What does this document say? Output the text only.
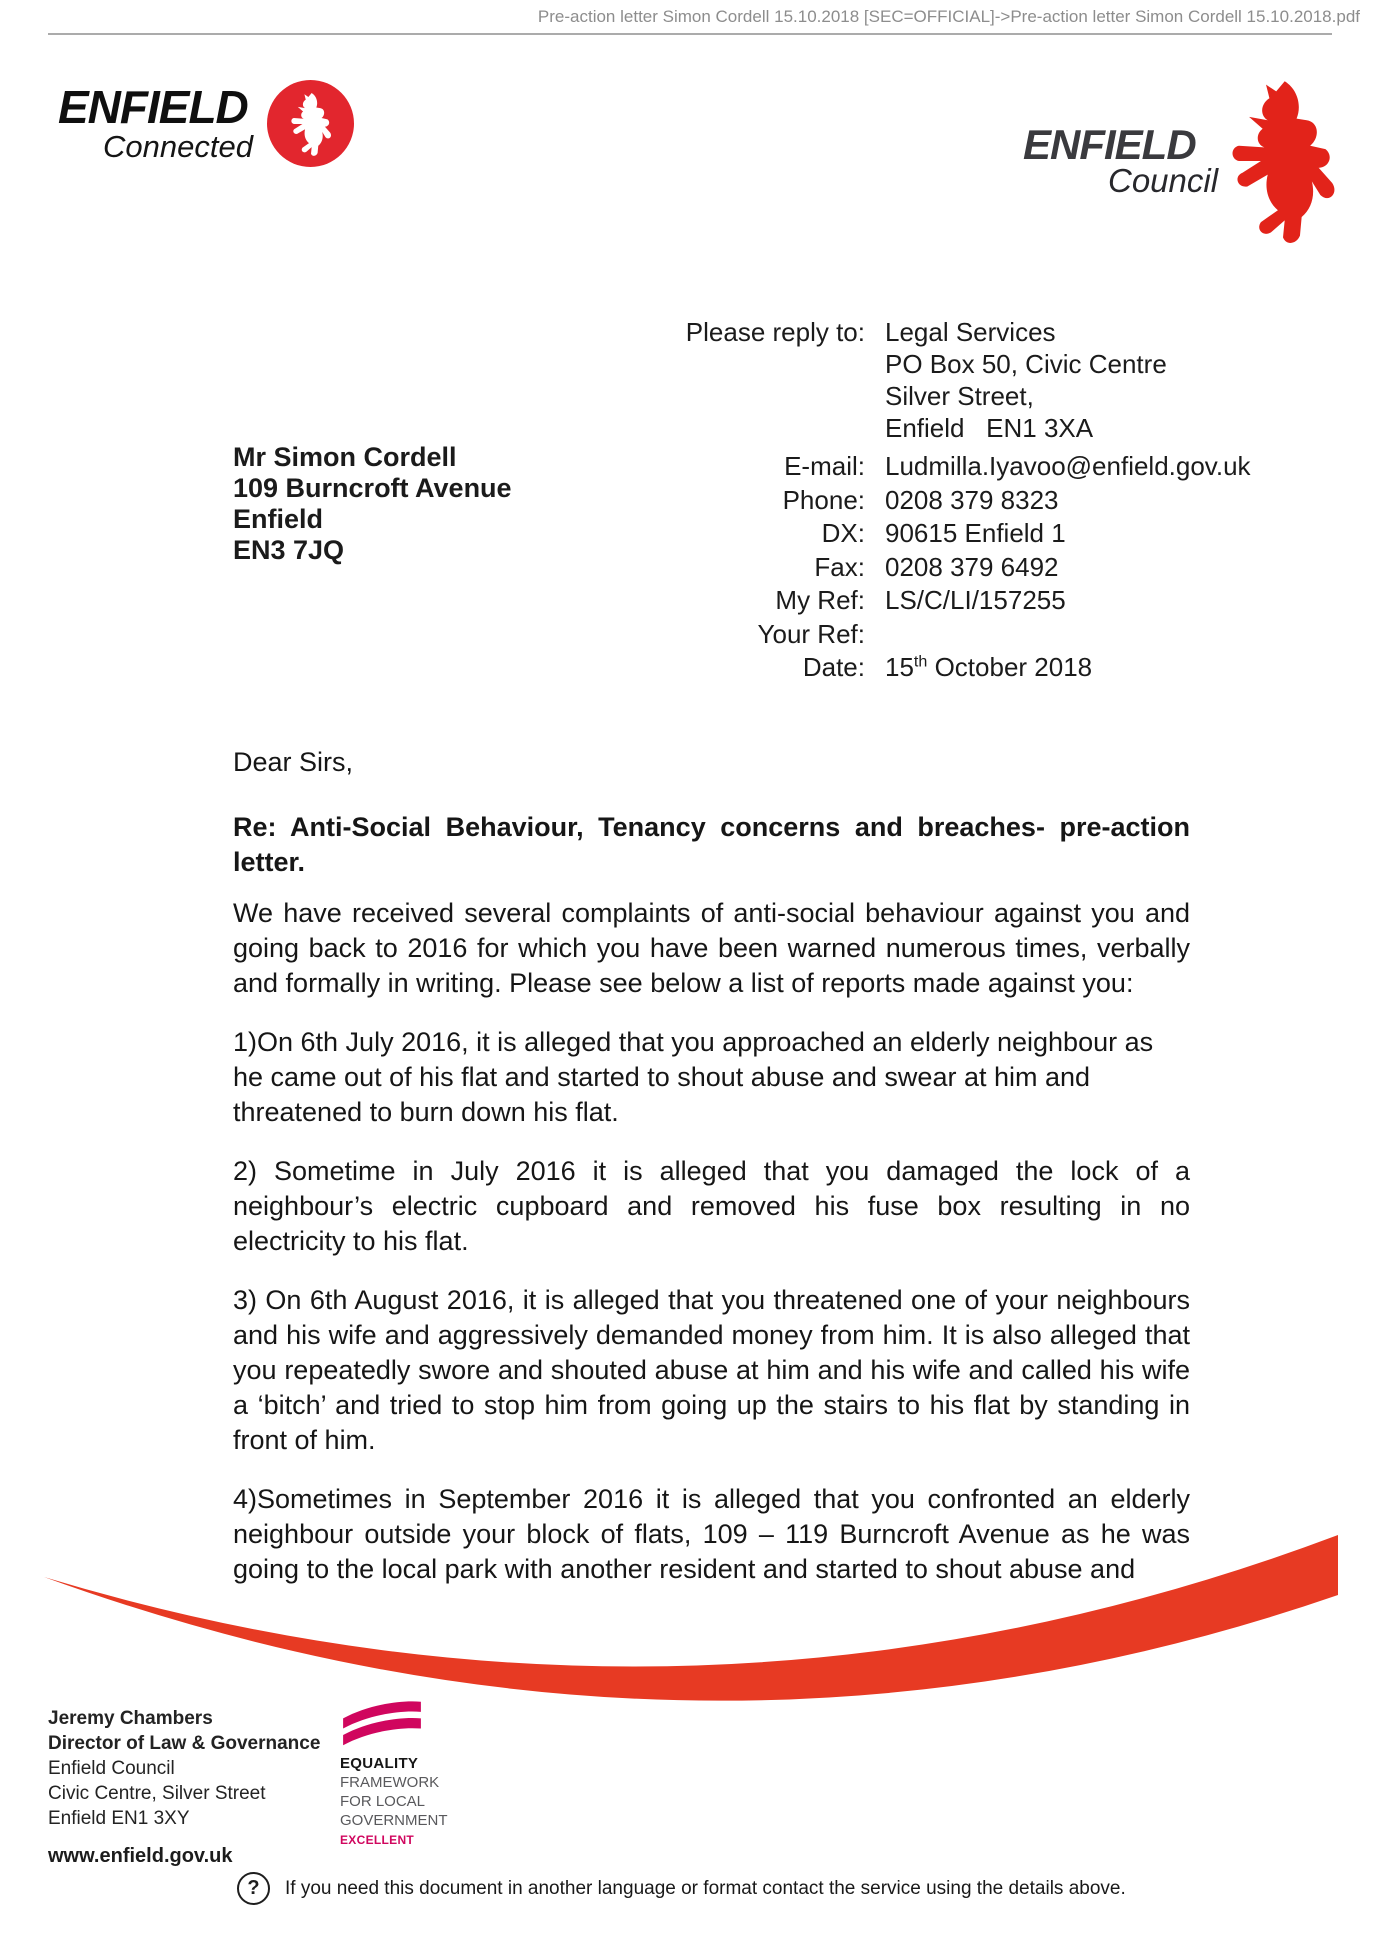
Pre-action letter Simon Cordell 15.10.2018 [SEC=OFFICIAL]->Pre-action letter Simon Cordell 15.10.2018.pdf
ENFIELD
Connected	ENFIELD
Council
Please reply to: Legal Services
PO Box 50, Civic Centre
Silver Street,
Enfield   EN1 3XA
Mr Simon Cordell
109 Burncroft Avenue
Enfield
EN3 7JQ
E-mail: Ludmilla.Iyavoo@enfield.gov.uk
Phone: 0208 379 8323
DX: 90615 Enfield 1
Fax: 0208 379 6492
My Ref: LS/C/LI/157255
Your Ref:
Date: 15th October 2018

Dear Sirs,

Re: Anti-Social Behaviour, Tenancy concerns and breaches- pre-action letter.

We have received several complaints of anti-social behaviour against you and going back to 2016 for which you have been warned numerous times, verbally and formally in writing. Please see below a list of reports made against you:

1)On 6th July 2016, it is alleged that you approached an elderly neighbour as he came out of his flat and started to shout abuse and swear at him and threatened to burn down his flat.

2) Sometime in July 2016 it is alleged that you damaged the lock of a neighbour’s electric cupboard and removed his fuse box resulting in no electricity to his flat.

3) On 6th August 2016, it is alleged that you threatened one of your neighbours and his wife and aggressively demanded money from him. It is also alleged that you repeatedly swore and shouted abuse at him and his wife and called his wife a ‘bitch’ and tried to stop him from going up the stairs to his flat by standing in front of him.

4)Sometimes in September 2016 it is alleged that you confronted an elderly neighbour outside your block of flats, 109 – 119 Burncroft Avenue as he was going to the local park with another resident and started to shout abuse and

Jeremy Chambers
Director of Law & Governance
Enfield Council
Civic Centre, Silver Street
Enfield EN1 3XY
www.enfield.gov.uk
EQUALITY
FRAMEWORK
FOR LOCAL
GOVERNMENT
EXCELLENT
?	If you need this document in another language or format contact the service using the details above.
